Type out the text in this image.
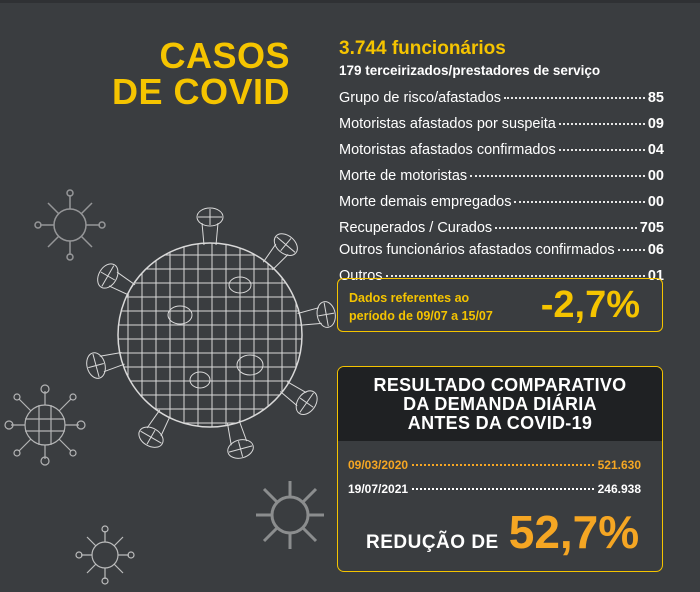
CASOS
DE COVID
3.744 funcionários
179 terceirizados/prestadores de serviço
Grupo de risco/afastados	85
Motoristas afastados por suspeita	09
Motoristas afastados confirmados	04
Morte de motoristas	00
Morte demais empregados	00
Recuperados / Curados	705
Outros funcionários afastados confirmados 06
Outros	01
Dados referentes ao
período de 09/07 a 15/07 -2,7%
RESULTADO COMPARATIVO
DA DEMANDA DIÁRIA
ANTES DA COVID-19
09/03/2020	521.630
19/07/2021	246.938
REDUÇÃO DE 52,7%
